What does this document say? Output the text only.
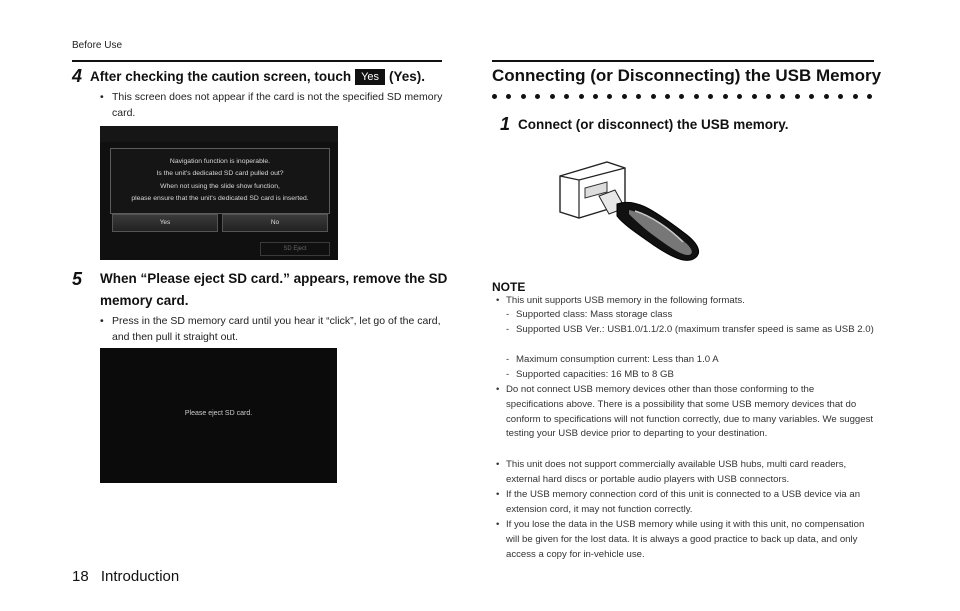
Before Use
4 After checking the caution screen, touch Yes (Yes).
• This screen does not appear if the card is not the specified SD memory card.
Navigation function is inoperable.
Is the unit's dedicated SD card pulled out?
When not using the slide show function,
please ensure that the unit's dedicated SD card is inserted.
Yes	No
SD Eject
5	When “Please eject SD card.” appears, remove the SD memory card.
• Press in the SD memory card until you hear it “click”, let go of the card, and then pull it straight out.
Please eject SD card.
18 Introduction
Connecting (or Disconnecting) the USB Memory
1 Connect (or disconnect) the USB memory.
NOTE
• This unit supports USB memory in the following formats.
- Supported class: Mass storage class
- Supported USB Ver.: USB1.0/1.1/2.0 (maximum transfer speed is same as USB 2.0)
- Maximum consumption current: Less than 1.0 A
- Supported capacities: 16 MB to 8 GB
• Do not connect USB memory devices other than those conforming to the specifications above. There is a possibility that some USB memory devices that do conform to specifications will not function correctly, due to many variables. We suggest testing your USB device prior to departing to your destination.
• This unit does not support commercially available USB hubs, multi card readers, external hard discs or portable audio players with USB connectors.
• If the USB memory connection cord of this unit is connected to a USB device via an extension cord, it may not function correctly.
• If you lose the data in the USB memory while using it with this unit, no compensation will be given for the lost data. It is always a good practice to back up data, and only access a copy for in-vehicle use.
